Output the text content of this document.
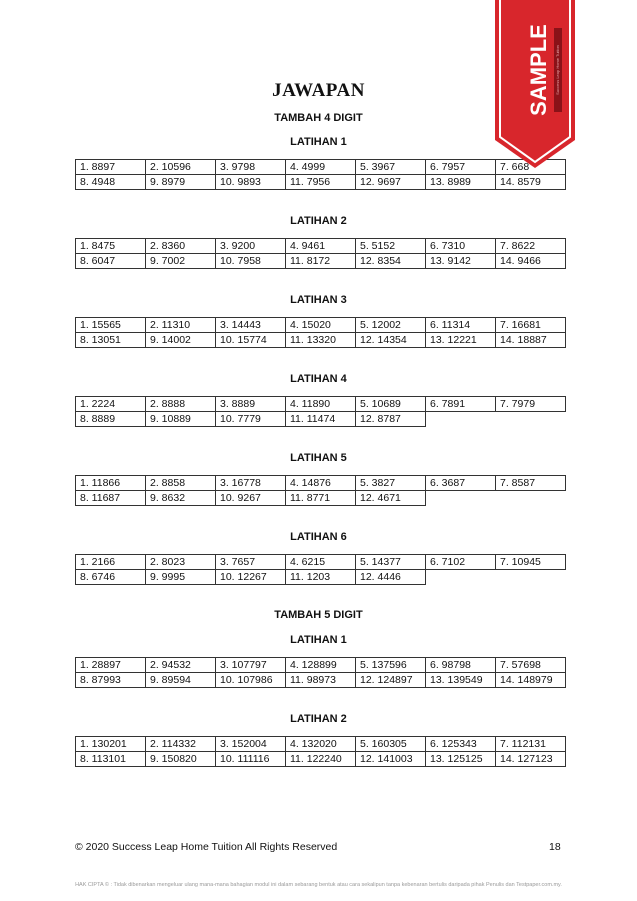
JAWAPAN
TAMBAH 4 DIGIT
TAMBAH 5 DIGIT
LATIHAN 1
1. 8897	2. 10596	3. 9798	4. 4999	5. 3967	6. 7957	7. 668
8. 4948	9. 8979	10. 9893	11. 7956	12. 9697	13. 8989	14. 8579
LATIHAN 2
1. 8475	2. 8360	3. 9200	4. 9461	5. 5152	6. 7310	7. 8622
8. 6047	9. 7002	10. 7958	11. 8172	12. 8354	13. 9142	14. 9466
LATIHAN 3
1. 15565	2. 11310	3. 14443	4. 15020	5. 12002	6. 11314	7. 16681
8. 13051	9. 14002	10. 15774	11. 13320	12. 14354	13. 12221	14. 18887
LATIHAN 4
1. 2224	2. 8888	3. 8889	4. 11890	5. 10689	6. 7891	7. 7979
8. 8889	9. 10889	10. 7779	11. 11474	12. 8787		
LATIHAN 5
1. 11866	2. 8858	3. 16778	4. 14876	5. 3827	6. 3687	7. 8587
8. 11687	9. 8632	10. 9267	11. 8771	12. 4671		
LATIHAN 6
1. 2166	2. 8023	3. 7657	4. 6215	5. 14377	6. 7102	7. 10945
8. 6746	9. 9995	10. 12267	11. 1203	12. 4446		
LATIHAN 1
1. 28897	2. 94532	3. 107797	4. 128899	5. 137596	6. 98798	7. 57698
8. 87993	9. 89594	10. 107986	11. 98973	12. 124897	13. 139549	14. 148979
LATIHAN 2
1. 130201	2. 114332	3. 152004	4. 132020	5. 160305	6. 125343	7. 112131
8. 113101	9. 150820	10. 111116	11. 122240	12. 141003	13. 125125	14. 127123
© 2020 Success Leap Home Tuition All Rights Reserved	18
HAK CIPTA © : Tidak dibenarkan mengeluar ulang mana-mana bahagian modul ini dalam sebarang bentuk atau cara sekalipun tanpa kebenaran bertulis daripada pihak Penulis dan Testpaper.com.my.
SAMPLE Success Leap Home Tuition
